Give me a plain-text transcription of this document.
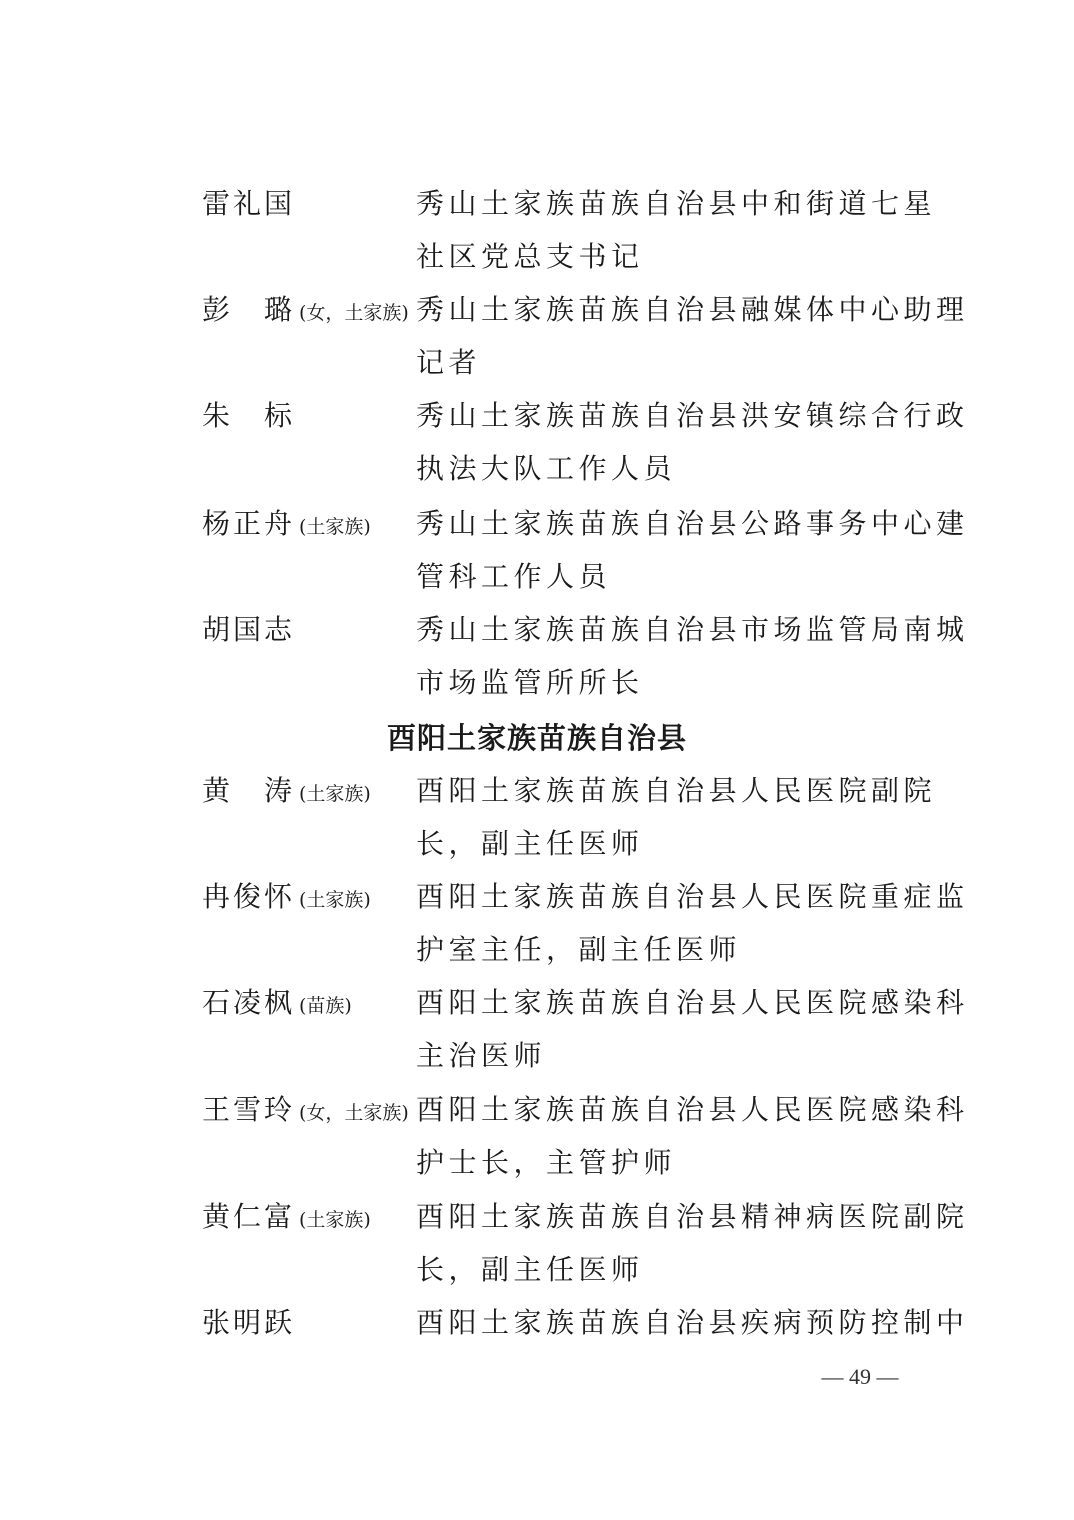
雷礼国	秀山土家族苗族自治县中和街道七星
社区党总支书记
彭　璐 (女，土家族) 秀山土家族苗族自治县融媒体中心助理
记者
朱　标	秀山土家族苗族自治县洪安镇综合行政
执法大队工作人员
杨正舟 (土家族) 秀山土家族苗族自治县公路事务中心建
管科工作人员
胡国志	秀山土家族苗族自治县市场监管局南城
市场监管所所长
酉阳土家族苗族自治县
黄　涛 (土家族) 酉阳土家族苗族自治县人民医院副院
长，副主任医师
冉俊怀 (土家族) 酉阳土家族苗族自治县人民医院重症监
护室主任，副主任医师
石凌枫 (苗族) 酉阳土家族苗族自治县人民医院感染科
主治医师
王雪玲 (女，土家族) 酉阳土家族苗族自治县人民医院感染科
护士长，主管护师
黄仁富 (土家族) 酉阳土家族苗族自治县精神病医院副院
长，副主任医师
张明跃	酉阳土家族苗族自治县疾病预防控制中
— 49 —
